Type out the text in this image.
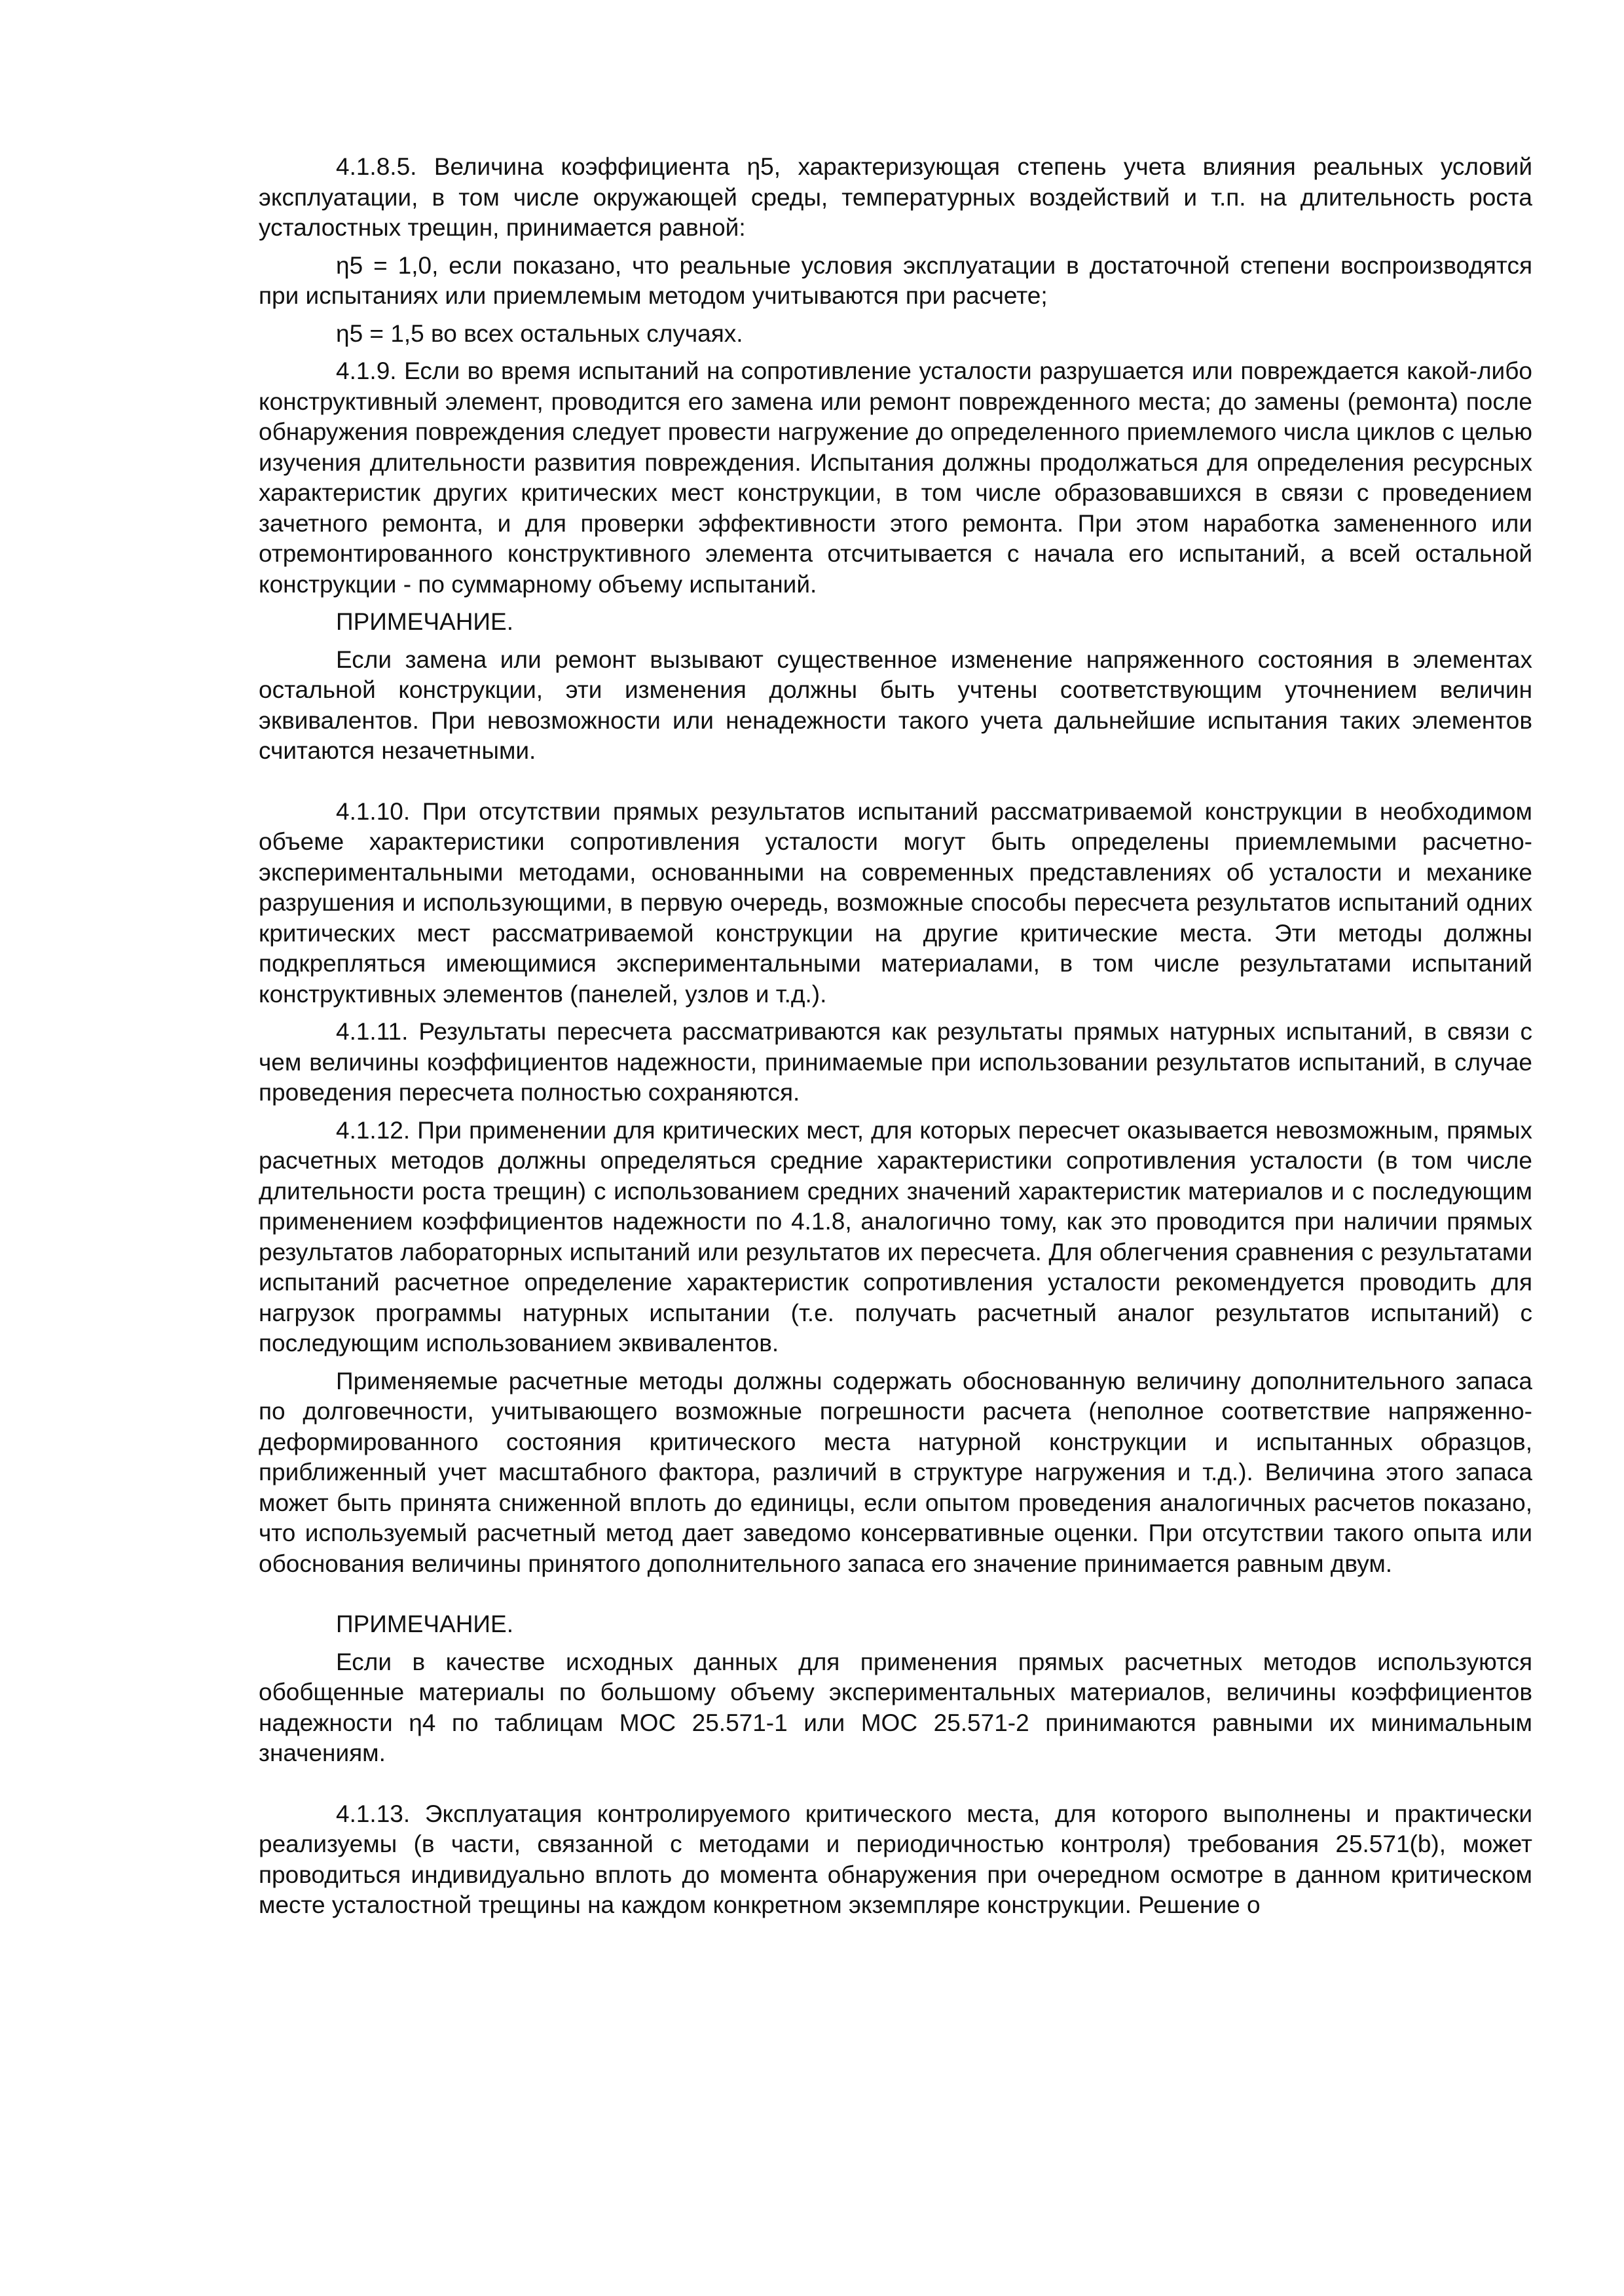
4.1.8.5. Величина коэффициента η5, характеризующая степень учета влияния реальных условий эксплуатации, в том числе окружающей среды, температурных воздействий и т.п. на длительность роста усталостных трещин, принимается равной:

η5 = 1,0, если показано, что реальные условия эксплуатации в достаточной степени воспроизводятся при испытаниях или приемлемым методом учитываются при расчете;

η5 = 1,5 во всех остальных случаях.

4.1.9. Если во время испытаний на сопротивление усталости разрушается или повреждается какой-либо конструктивный элемент, проводится его замена или ремонт поврежденного места; до замены (ремонта) после обнаружения повреждения следует провести нагружение до определенного приемлемого числа циклов с целью изучения длительности развития повреждения. Испытания должны продолжаться для определения ресурсных характеристик других критических мест конструкции, в том числе образовавшихся в связи с проведением зачетного ремонта, и для проверки эффективности этого ремонта. При этом наработка замененного или отремонтированного конструктивного элемента отсчитывается с начала его испытаний, а всей остальной конструкции - по суммарному объему испытаний.

ПРИМЕЧАНИЕ.

Если замена или ремонт вызывают существенное изменение напряженного состояния в элементах остальной конструкции, эти изменения должны быть учтены соответствующим уточнением величин эквивалентов. При невозможности или ненадежности такого учета дальнейшие испытания таких элементов считаются незачетными.

4.1.10. При отсутствии прямых результатов испытаний рассматриваемой конструкции в необходимом объеме характеристики сопротивления усталости могут быть определены приемлемыми расчетно-экспериментальными методами, основанными на современных представлениях об усталости и механике разрушения и использующими, в первую очередь, возможные способы пересчета результатов испытаний одних критических мест рассматриваемой конструкции на другие критические места. Эти методы должны подкрепляться имеющимися экспериментальными материалами, в том числе результатами испытаний конструктивных элементов (панелей, узлов и т.д.).

4.1.11. Результаты пересчета рассматриваются как результаты прямых натурных испытаний, в связи с чем величины коэффициентов надежности, принимаемые при использовании результатов испытаний, в случае проведения пересчета полностью сохраняются.

4.1.12. При применении для критических мест, для которых пересчет оказывается невозможным, прямых расчетных методов должны определяться средние характеристики сопротивления усталости (в том числе длительности роста трещин) с использованием средних значений характеристик материалов и с последующим применением коэффициентов надежности по 4.1.8, аналогично тому, как это проводится при наличии прямых результатов лабораторных испытаний или результатов их пересчета. Для облегчения сравнения с результатами испытаний расчетное определение характеристик сопротивления усталости рекомендуется проводить для нагрузок программы натурных испытании (т.е. получать расчетный аналог результатов испытаний) с последующим использованием эквивалентов.

Применяемые расчетные методы должны содержать обоснованную величину дополнительного запаса по долговечности, учитывающего возможные погрешности расчета (неполное соответствие напряженно-деформированного состояния критического места натурной конструкции и испытанных образцов, приближенный учет масштабного фактора, различий в структуре нагружения и т.д.). Величина этого запаса может быть принята сниженной вплоть до единицы, если опытом проведения аналогичных расчетов показано, что используемый расчетный метод дает заведомо консервативные оценки. При отсутствии такого опыта или обоснования величины принятого дополнительного запаса его значение принимается равным двум.

ПРИМЕЧАНИЕ.

Если в качестве исходных данных для применения прямых расчетных методов используются обобщенные материалы по большому объему экспериментальных материалов, величины коэффициентов надежности η4 по таблицам МОС 25.571-1 или МОС 25.571-2 принимаются равными их минимальным значениям.

4.1.13. Эксплуатация контролируемого критического места, для которого выполнены и практически реализуемы (в части, связанной с методами и периодичностью контроля) требования 25.571(b), может проводиться индивидуально вплоть до момента обнаружения при очередном осмотре в данном критическом месте усталостной трещины на каждом конкретном экземпляре конструкции. Решение о
